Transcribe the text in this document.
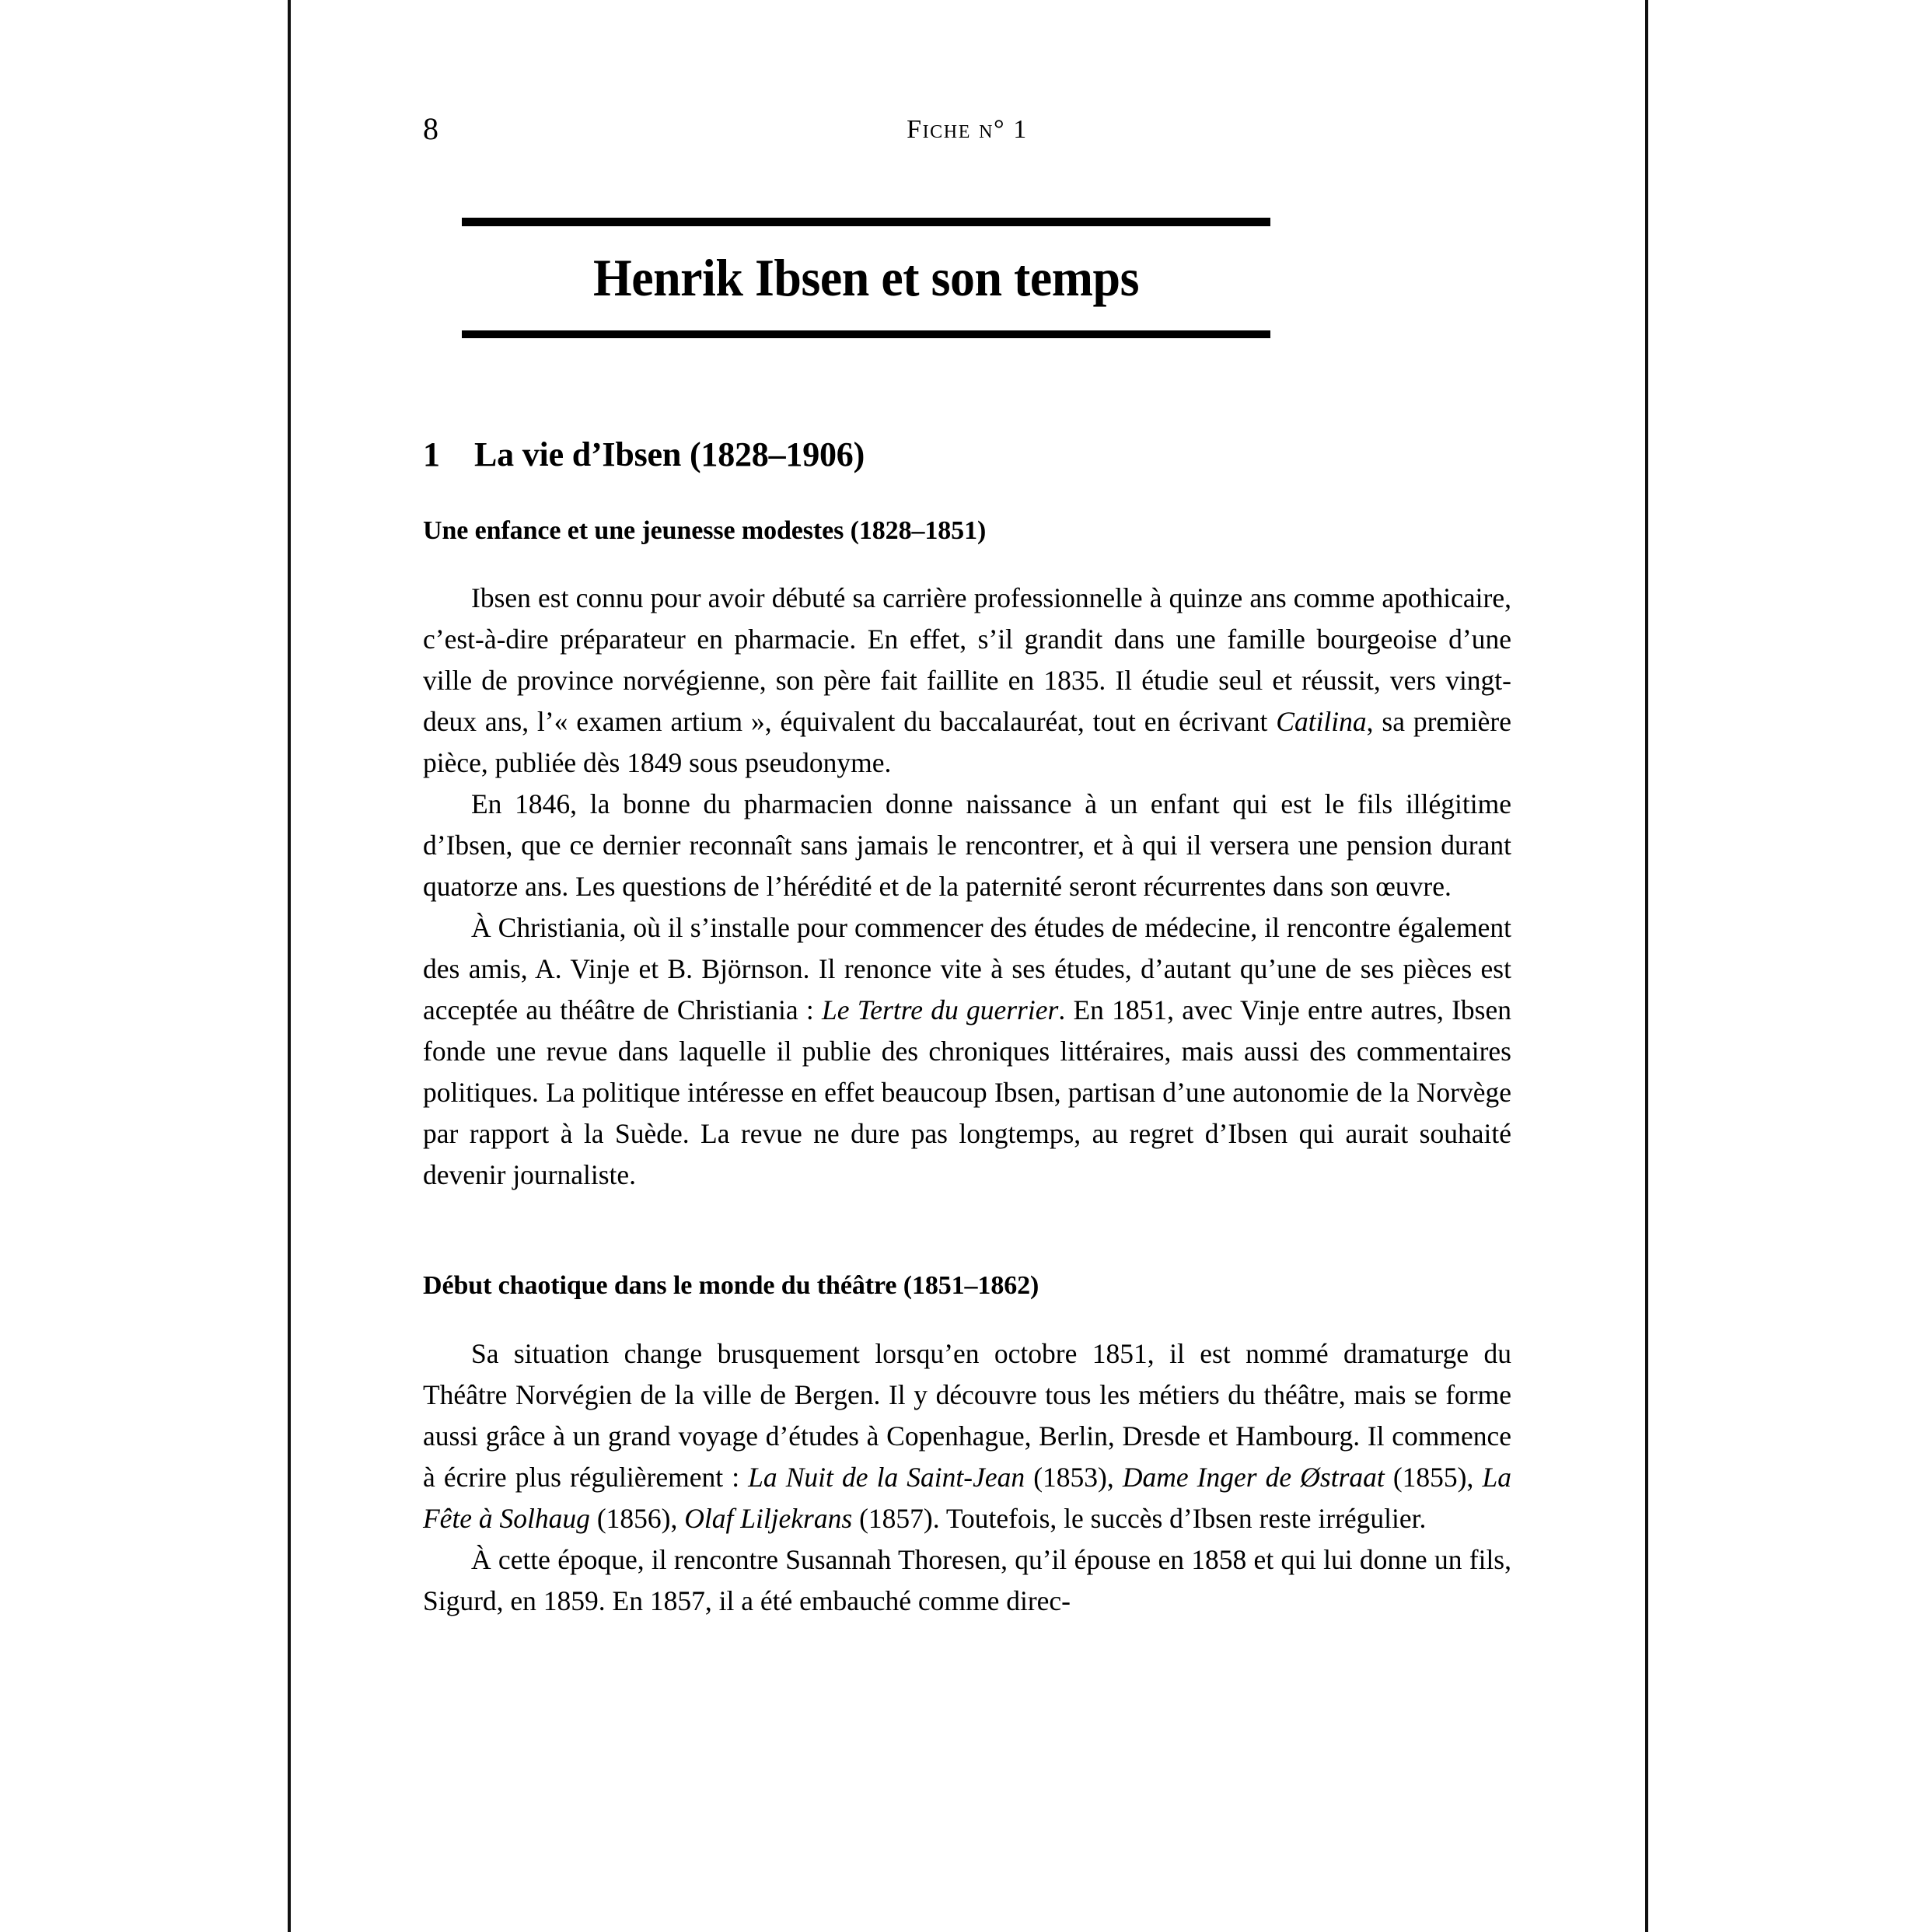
8	Fiche n° 1
Henrik Ibsen et son temps
1 La vie d’Ibsen (1828–1906)
Une enfance et une jeunesse modestes (1828–1851)

Ibsen est connu pour avoir débuté sa carrière professionnelle à quinze ans comme apothicaire, c’est-à-dire préparateur en pharmacie. En effet, s’il grandit dans une famille bourgeoise d’une ville de province norvégienne, son père fait faillite en 1835. Il étudie seul et réussit, vers vingt-deux ans, l’« examen artium », équivalent du baccalauréat, tout en écrivant Catilina, sa première pièce, publiée dès 1849 sous pseudonyme.

En 1846, la bonne du pharmacien donne naissance à un enfant qui est le fils illégitime d’Ibsen, que ce dernier reconnaît sans jamais le rencontrer, et à qui il versera une pension durant quatorze ans. Les questions de l’hérédité et de la paternité seront récurrentes dans son œuvre.

À Christiania, où il s’installe pour commencer des études de médecine, il rencontre également des amis, A. Vinje et B. Björnson. Il renonce vite à ses études, d’autant qu’une de ses pièces est acceptée au théâtre de Christiania : Le Tertre du guerrier. En 1851, avec Vinje entre autres, Ibsen fonde une revue dans laquelle il publie des chroniques littéraires, mais aussi des commentaires politiques. La politique intéresse en effet beaucoup Ibsen, partisan d’une autonomie de la Norvège par rapport à la Suède. La revue ne dure pas longtemps, au regret d’Ibsen qui aurait souhaité devenir journaliste.

Début chaotique dans le monde du théâtre (1851–1862)

Sa situation change brusquement lorsqu’en octobre 1851, il est nommé dramaturge du Théâtre Norvégien de la ville de Bergen. Il y découvre tous les métiers du théâtre, mais se forme aussi grâce à un grand voyage d’études à Copenhague, Berlin, Dresde et Hambourg. Il commence à écrire plus régulièrement : La Nuit de la Saint-Jean (1853), Dame Inger de Østraat (1855), La Fête à Solhaug (1856), Olaf Liljekrans (1857). Toutefois, le succès d’Ibsen reste irrégulier.

À cette époque, il rencontre Susannah Thoresen, qu’il épouse en 1858 et qui lui donne un fils, Sigurd, en 1859. En 1857, il a été embauché comme direc-
